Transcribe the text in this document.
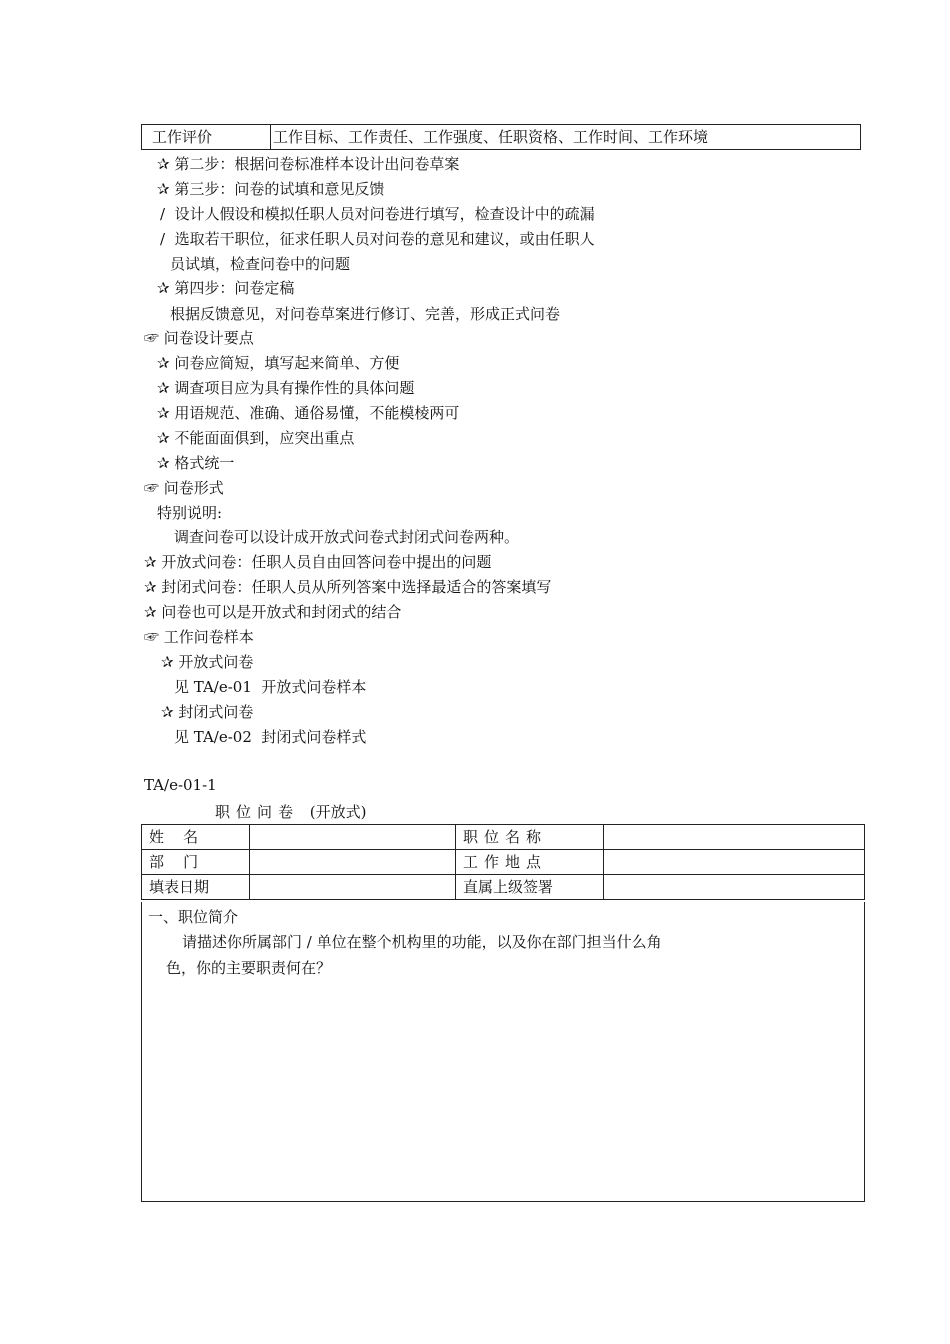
工作评价	工作目标、工作责任、工作强度、任职资格、工作时间、工作环境
✰ 第二步：根据问卷标准样本设计出问卷草案
✰ 第三步：问卷的试填和意见反馈
/  设计人假设和模拟任职人员对问卷进行填写，检查设计中的疏漏
/  选取若干职位，征求任职人员对问卷的意见和建议，或由任职人
员试填，检查问卷中的问题
✰ 第四步：问卷定稿
根据反馈意见，对问卷草案进行修订、完善，形成正式问卷
☞ 问卷设计要点
✰ 问卷应简短，填写起来简单、方便
✰ 调查项目应为具有操作性的具体问题
✰ 用语规范、准确、通俗易懂，不能模棱两可
✰ 不能面面俱到，应突出重点
✰ 格式统一
☞ 问卷形式
特别说明:
调查问卷可以设计成开放式问卷式封闭式问卷两种。
✰ 开放式问卷：任职人员自由回答问卷中提出的问题
✰ 封闭式问卷：任职人员从所列答案中选择最适合的答案填写
✰ 问卷也可以是开放式和封闭式的结合
☞ 工作问卷样本
✰ 开放式问卷
见 TA/e-01  开放式问卷样本
✰ 封闭式问卷
见 TA/e-02  封闭式问卷样式
TA/e-01-1
职位问卷 (开放式)
姓    名		职位名称	
部    门		工作地点	
填表日期		直属上级签署	
一、职位简介
请描述你所属部门 / 单位在整个机构里的功能，以及你在部门担当什么角
色，你的主要职责何在？
